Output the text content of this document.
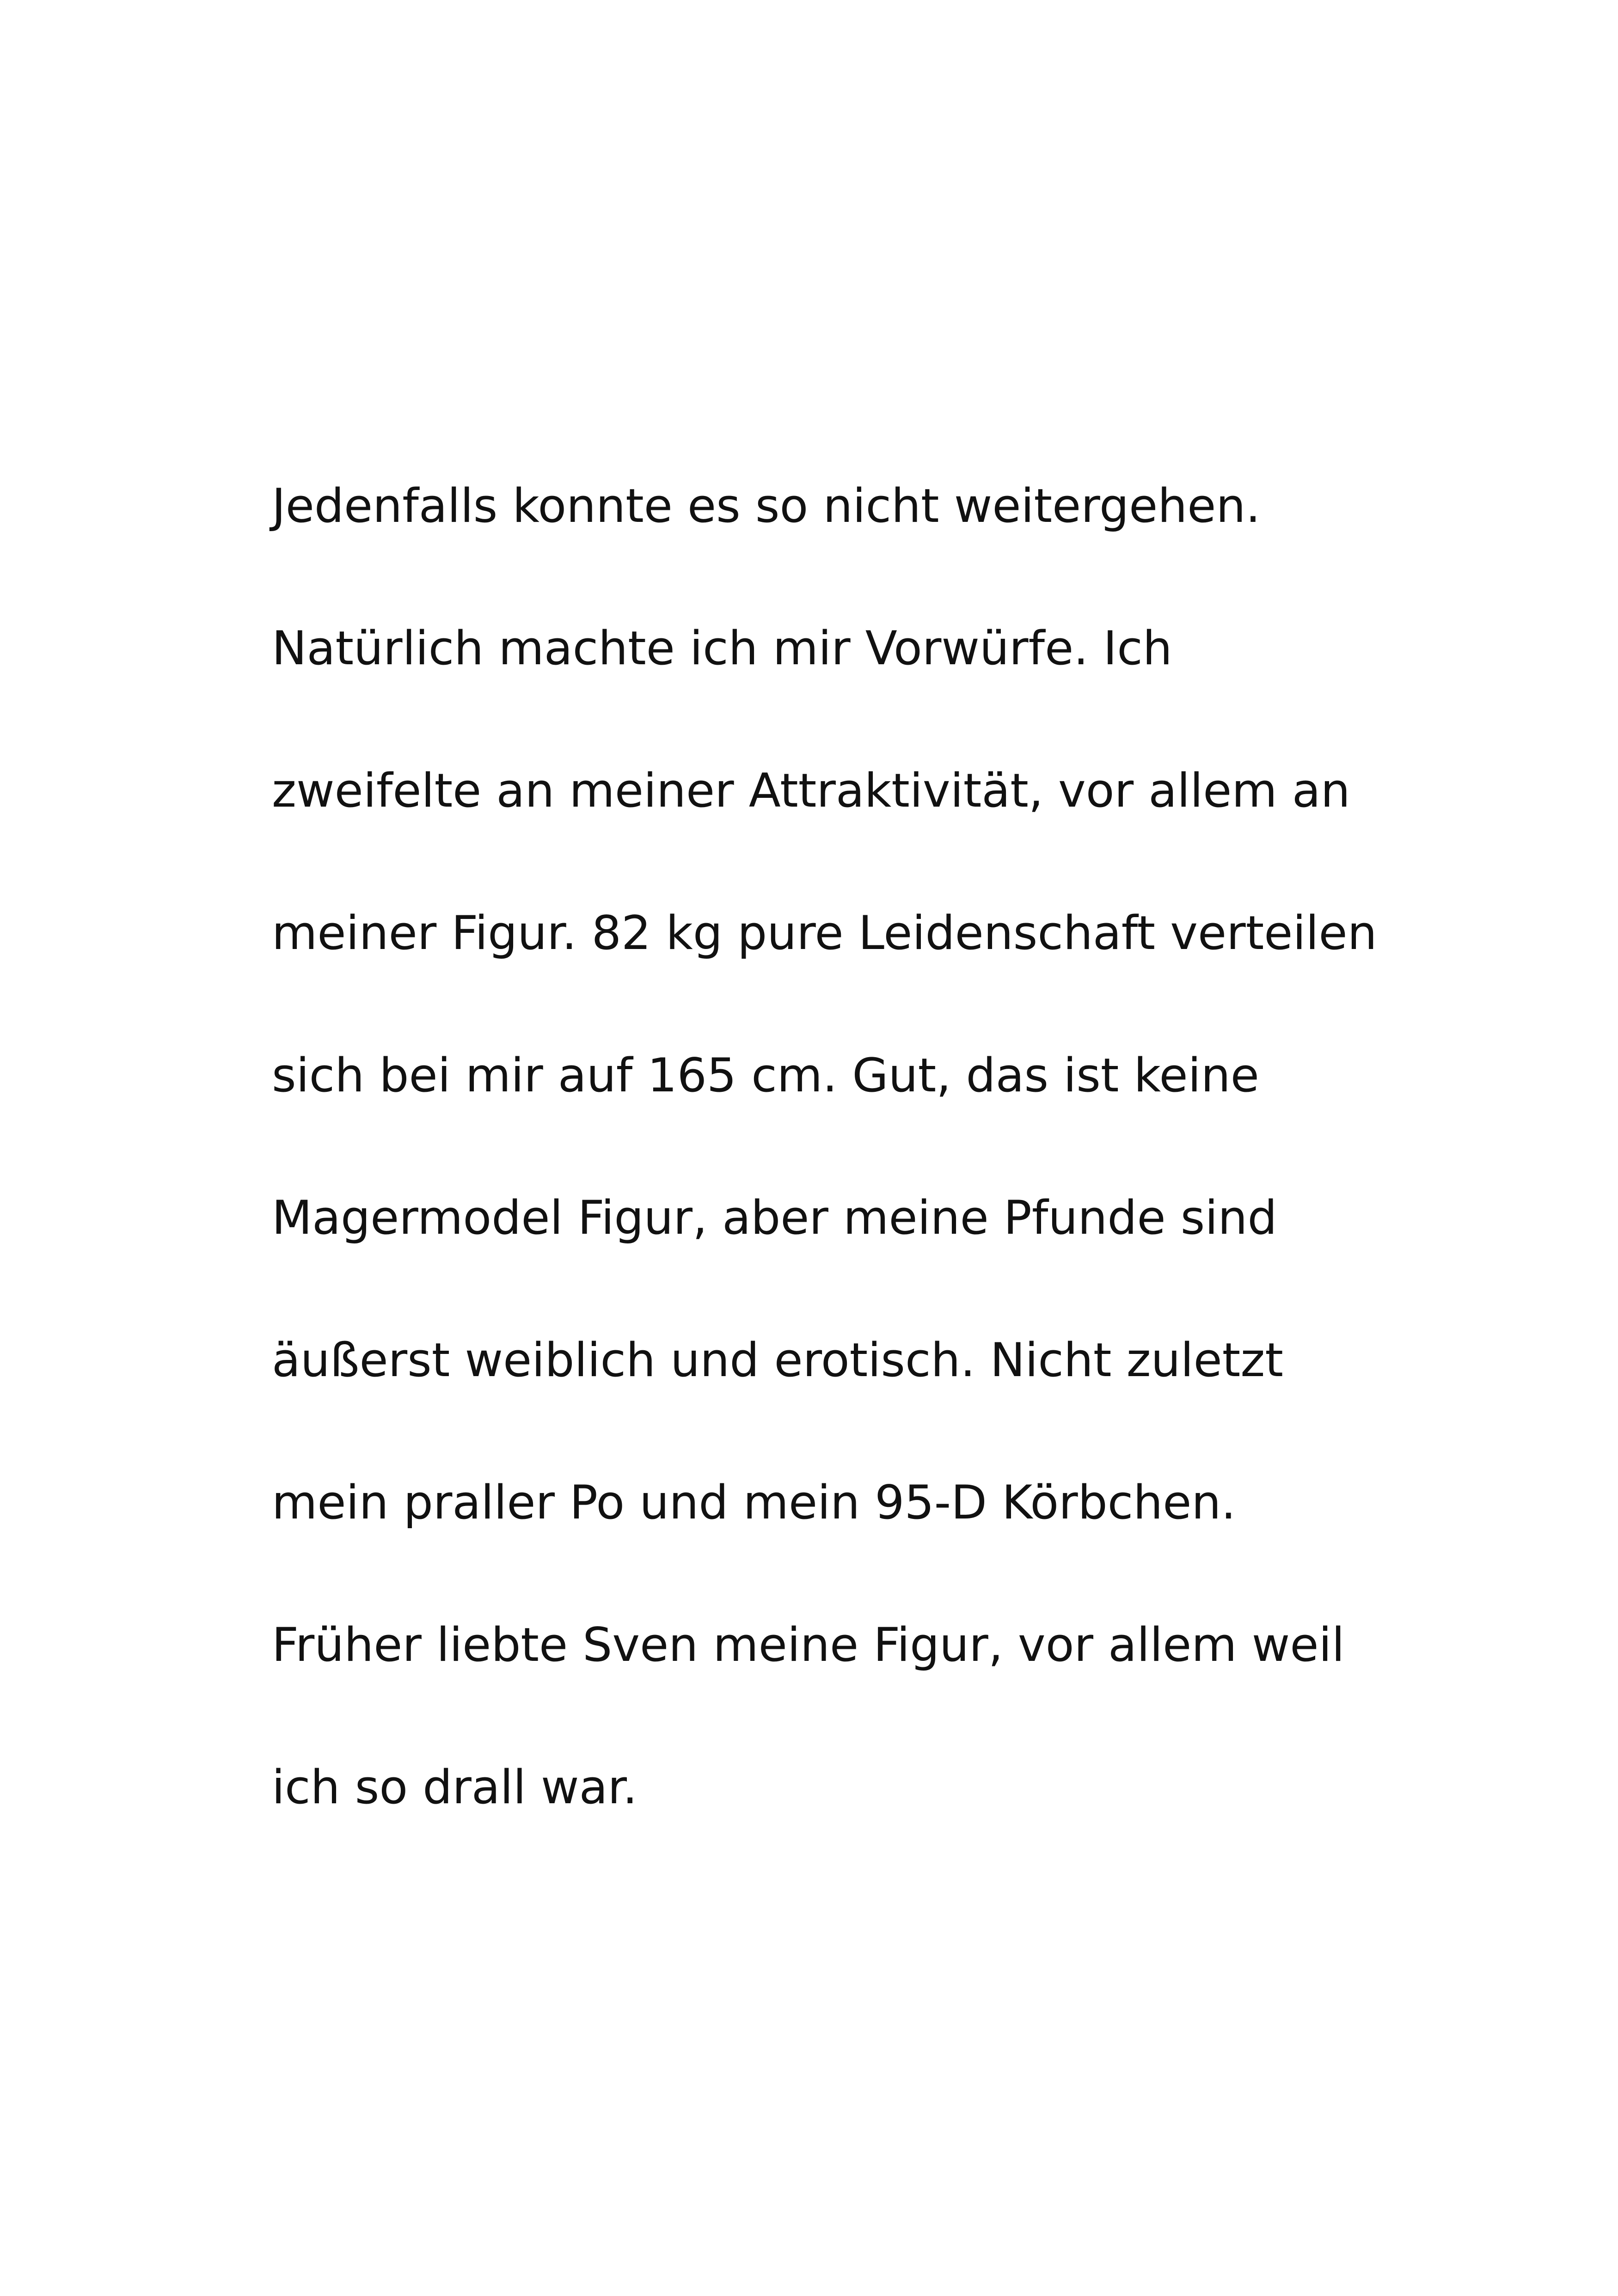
Jedenfalls konnte es so nicht weitergehen.

Natürlich machte ich mir Vorwürfe. Ich

zweifelte an meiner Attraktivität, vor allem an

meiner Figur. 82 kg pure Leidenschaft verteilen

sich bei mir auf 165 cm. Gut, das ist keine

Magermodel Figur, aber meine Pfunde sind

äußerst weiblich und erotisch. Nicht zuletzt

mein praller Po und mein 95-D Körbchen.

Früher liebte Sven meine Figur, vor allem weil

ich so drall war.
